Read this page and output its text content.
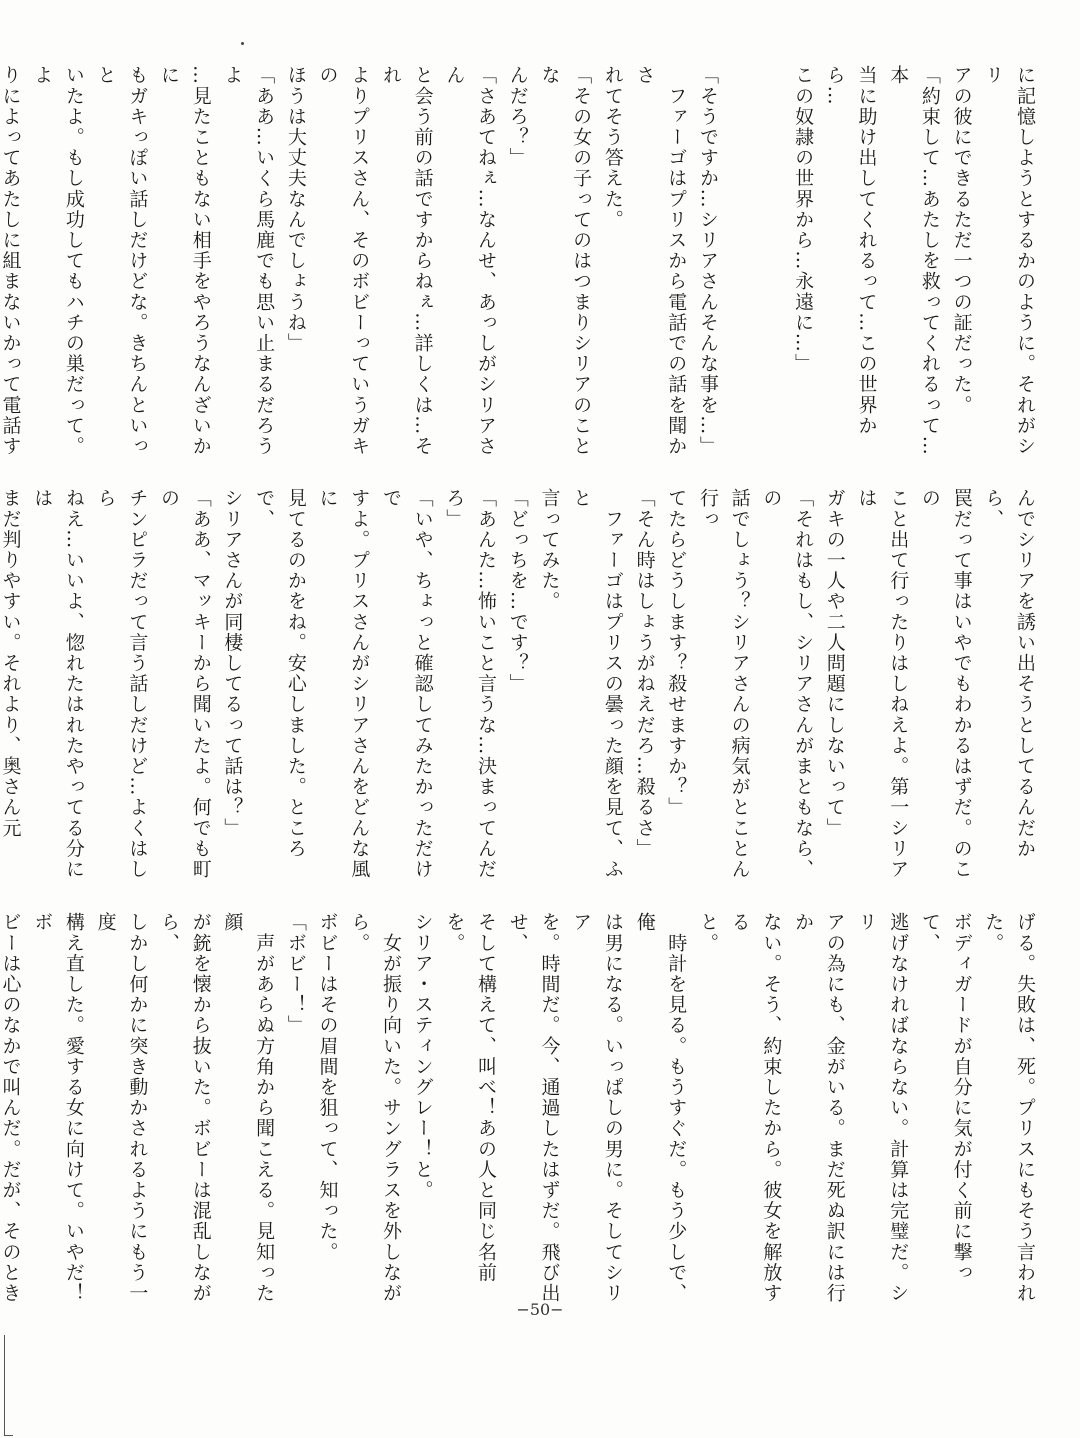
に記憶しようとするかのように。それがシリ
アの彼にできるただ一つの証だった。
「約束して…あたしを救ってくれるって…本
当に助け出してくれるって…この世界から…
この奴隷の世界から…永遠に…」

「そうですか…シリアさんそんな事を…」
　ファーゴはプリスから電話での話を聞かさ
れてそう答えた。
「その女の子ってのはつまりシリアのことな
んだろ？」
「さあてねぇ…なんせ、あっしがシリアさん
と会う前の話ですからねぇ…詳しくは…それ
よりプリスさん、そのボビーっていうガキの
ほうは大丈夫なんでしょうね」
「ああ…いくら馬鹿でも思い止まるだろうよ
…見たこともない相手をやろうなんざいかに
もガキっぽい話しだけどな。きちんといっと
いたよ。もし成功してもハチの巣だって。よ
りによってあたしに組まないかって電話す

んでシリアを誘い出そうとしてるんだから、
罠だって事はいやでもわかるはずだ。のこの
こと出て行ったりはしねえよ。第一シリアは
ガキの一人や二人問題にしないって」
「それはもし、シリアさんがまともなら、の
話でしょう？シリアさんの病気がとことん行っ
てたらどうします？殺せますか？」
「そん時はしょうがねえだろ…殺るさ」
　ファーゴはプリスの曇った顔を見て、ふと
言ってみた。
「どっちを…です？」
「あんた…怖いこと言うな…決まってんだろ」
「いや、ちょっと確認してみたかっただけで
すよ。プリスさんがシリアさんをどんな風に
見てるのかをね。安心しました。ところで、
シリアさんが同棲してるって話は？」
「ああ、マッキーから聞いたよ。何でも町の
チンピラだって言う話しだけど…よくはしら
ねえ…いいよ、惚れたはれたやってる分には
まだ判りやすい。それより、奥さん元

げる。失敗は、死。プリスにもそう言われた。
ボディガードが自分に気が付く前に撃って、
逃げなければならない。計算は完璧だ。シリ
アの為にも、金がいる。まだ死ぬ訳には行か
ない。そう、約束したから。彼女を解放する
と。
　時計を見る。もうすぐだ。もう少しで、俺
は男になる。いっぱしの男に。そしてシリア
を。時間だ。今、通過したはずだ。飛び出せ、
そして構えて、叫べ！あの人と同じ名前を。
シリア・スティングレー！と。
　女が振り向いた。サングラスを外しながら。
ボビーはその眉間を狙って、知った。
「ボビー！」
　声があらぬ方角から聞こえる。見知った顔
が銃を懐から抜いた。ボビーは混乱しながら、
しかし何かに突き動かされるようにもう一度
構え直した。愛する女に向けて。いやだ！ボ
ビーは心のなかで叫んだ。だが、そのとき

−50−
